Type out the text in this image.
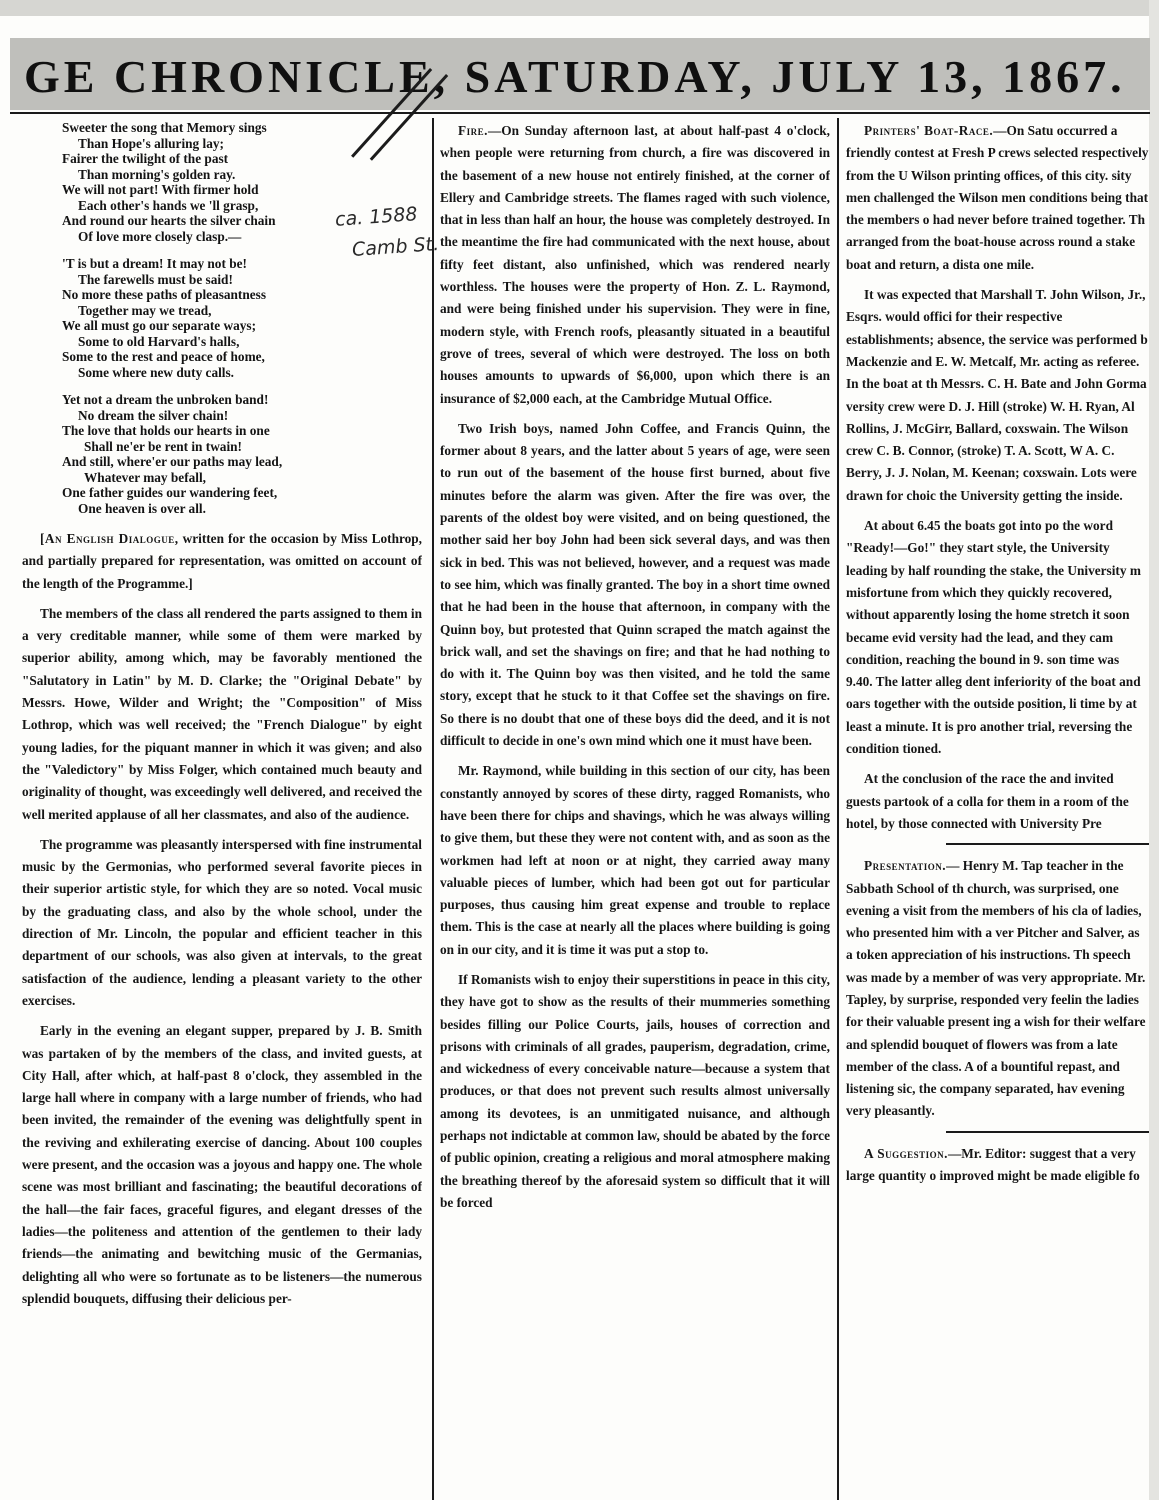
GE CHRONICLE, SATURDAY, JULY 13, 1867.
Sweeter the song that Memory sings
Than Hope's alluring lay;
Fairer the twilight of the past
Than morning's golden ray.
We will not part! With firmer hold
Each other's hands we 'll grasp,
And round our hearts the silver chain
Of love more closely clasp.—
'T is but a dream! It may not be!
The farewells must be said!
No more these paths of pleasantness
Together may we tread,
We all must go our separate ways;
Some to old Harvard's halls,
Some to the rest and peace of home,
Some where new duty calls.
Yet not a dream the unbroken band!
No dream the silver chain!
The love that holds our hearts in one
Shall ne'er be rent in twain!
And still, where'er our paths may lead,
Whatever may befall,
One father guides our wandering feet,
One heaven is over all.

[An English Dialogue, written for the occasion by Miss Lothrop, and partially prepared for representation, was omitted on account of the length of the Programme.]

The members of the class all rendered the parts assigned to them in a very creditable manner, while some of them were marked by superior ability, among which, may be favorably mentioned the "Salutatory in Latin" by M. D. Clarke; the "Original Debate" by Messrs. Howe, Wilder and Wright; the "Composition" of Miss Lothrop, which was well received; the "French Dialogue" by eight young ladies, for the piquant manner in which it was given; and also the "Valedictory" by Miss Folger, which contained much beauty and originality of thought, was exceedingly well delivered, and received the well merited applause of all her classmates, and also of the audience.

The programme was pleasantly interspersed with fine instrumental music by the Germonias, who performed several favorite pieces in their superior artistic style, for which they are so noted. Vocal music by the graduating class, and also by the whole school, under the direction of Mr. Lincoln, the popular and efficient teacher in this department of our schools, was also given at intervals, to the great satisfaction of the audience, lending a pleasant variety to the other exercises.

Early in the evening an elegant supper, prepared by J. B. Smith was partaken of by the members of the class, and invited guests, at City Hall, after which, at half-past 8 o'clock, they assembled in the large hall where in company with a large number of friends, who had been invited, the remainder of the evening was delightfully spent in the reviving and exhilerating exercise of dancing. About 100 couples were present, and the occasion was a joyous and happy one. The whole scene was most brilliant and fascinating; the beautiful decorations of the hall—the fair faces, graceful figures, and elegant dresses of the ladies—the politeness and attention of the gentlemen to their lady friends—the animating and bewitching music of the Germanias, delighting all who were so fortunate as to be listeners—the numerous splendid bouquets, diffusing their delicious per-

ca. 1588
Camb St.

Fire.—On Sunday afternoon last, at about half-past 4 o'clock, when people were returning from church, a fire was discovered in the basement of a new house not entirely finished, at the corner of Ellery and Cambridge streets. The flames raged with such violence, that in less than half an hour, the house was completely destroyed. In the meantime the fire had communicated with the next house, about fifty feet distant, also unfinished, which was rendered nearly worthless. The houses were the property of Hon. Z. L. Raymond, and were being finished under his supervision. They were in fine, modern style, with French roofs, pleasantly situated in a beautiful grove of trees, several of which were destroyed. The loss on both houses amounts to upwards of $6,000, upon which there is an insurance of $2,000 each, at the Cambridge Mutual Office.

Two Irish boys, named John Coffee, and Francis Quinn, the former about 8 years, and the latter about 5 years of age, were seen to run out of the basement of the house first burned, about five minutes before the alarm was given. After the fire was over, the parents of the oldest boy were visited, and on being questioned, the mother said her boy John had been sick several days, and was then sick in bed. This was not believed, however, and a request was made to see him, which was finally granted. The boy in a short time owned that he had been in the house that afternoon, in company with the Quinn boy, but protested that Quinn scraped the match against the brick wall, and set the shavings on fire; and that he had nothing to do with it. The Quinn boy was then visited, and he told the same story, except that he stuck to it that Coffee set the shavings on fire. So there is no doubt that one of these boys did the deed, and it is not difficult to decide in one's own mind which one it must have been.

Mr. Raymond, while building in this section of our city, has been constantly annoyed by scores of these dirty, ragged Romanists, who have been there for chips and shavings, which he was always willing to give them, but these they were not content with, and as soon as the workmen had left at noon or at night, they carried away many valuable pieces of lumber, which had been got out for particular purposes, thus causing him great expense and trouble to replace them. This is the case at nearly all the places where building is going on in our city, and it is time it was put a stop to.

If Romanists wish to enjoy their superstitions in peace in this city, they have got to show as the results of their mummeries something besides filling our Police Courts, jails, houses of correction and prisons with criminals of all grades, pauperism, degradation, crime, and wickedness of every conceivable nature—because a system that produces, or that does not prevent such results almost universally among its devotees, is an unmitigated nuisance, and although perhaps not indictable at common law, should be abated by the force of public opinion, creating a religious and moral atmosphere making the breathing thereof by the aforesaid system so difficult that it will be forced

Printers' Boat-Race.—On Satu occurred a friendly contest at Fresh P crews selected respectively from the U Wilson printing offices, of this city. sity men challenged the Wilson men conditions being that the members o had never before trained together. Th arranged from the boat-house across round a stake boat and return, a dista one mile.

It was expected that Marshall T. John Wilson, Jr., Esqrs. would offici for their respective establishments; absence, the service was performed b Mackenzie and E. W. Metcalf, Mr. acting as referee. In the boat at th Messrs. C. H. Bate and John Gorma versity crew were D. J. Hill (stroke) W. H. Ryan, Al Rollins, J. McGirr, Ballard, coxswain. The Wilson crew C. B. Connor, (stroke) T. A. Scott, W A. C. Berry, J. J. Nolan, M. Keenan; coxswain. Lots were drawn for choic the University getting the inside.

At about 6.45 the boats got into po the word "Ready!—Go!" they start style, the University leading by half rounding the stake, the University m misfortune from which they quickly recovered, without apparently losing the home stretch it soon became evid versity had the lead, and they cam condition, reaching the bound in 9. son time was 9.40. The latter alleg dent inferiority of the boat and oars together with the outside position, li time by at least a minute. It is pro another trial, reversing the condition tioned.

At the conclusion of the race the and invited guests partook of a colla for them in a room of the hotel, by those connected with University Pre

Presentation.— Henry M. Tap teacher in the Sabbath School of th church, was surprised, one evening a visit from the members of his cla of ladies, who presented him with a ver Pitcher and Salver, as a token appreciation of his instructions. Th speech was made by a member of was very appropriate. Mr. Tapley, by surprise, responded very feelin the ladies for their valuable present ing a wish for their welfare and splendid bouquet of flowers was from a late member of the class. A of a bountiful repast, and listening sic, the company separated, hav evening very pleasantly.

A Suggestion.—Mr. Editor: suggest that a very large quantity o improved might be made eligible fo
